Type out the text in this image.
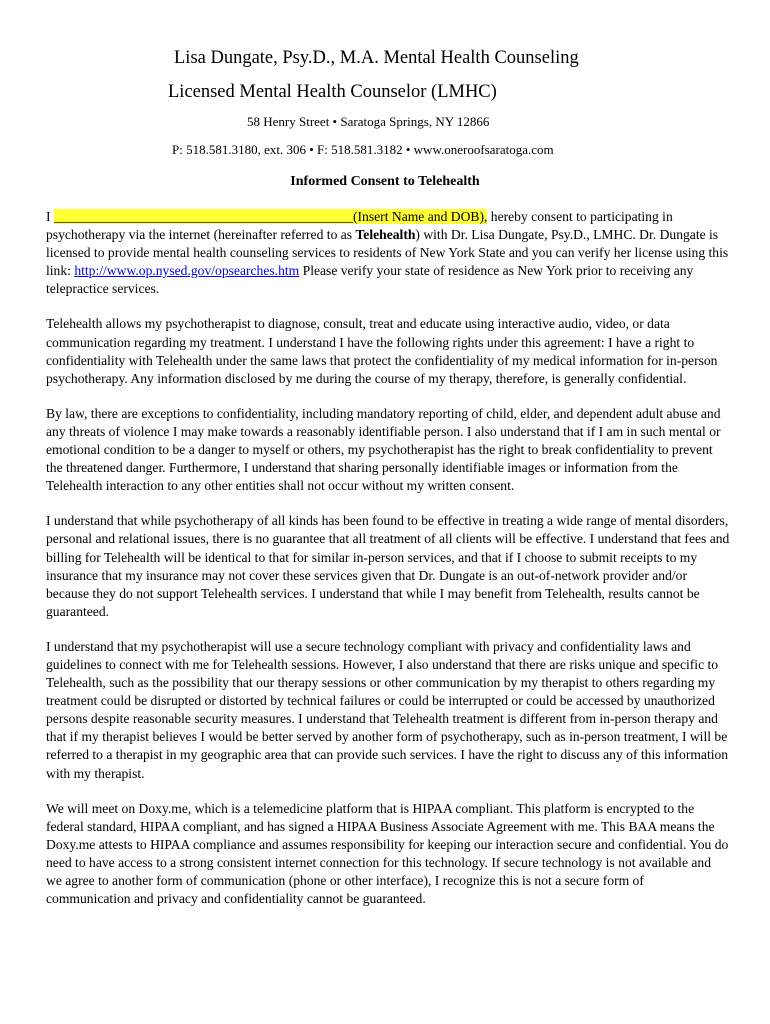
Lisa Dungate, Psy.D., M.A. Mental Health Counseling
Licensed Mental Health Counselor (LMHC)
58 Henry Street • Saratoga Springs, NY 12866
P: 518.581.3180, ext. 306 • F: 518.581.3182 • www.oneroofsaratoga.com
Informed Consent to Telehealth

I ____________________________________________(Insert Name and DOB), hereby consent to participating in psychotherapy via the internet (hereinafter referred to as Telehealth) with Dr. Lisa Dungate, Psy.D., LMHC. Dr. Dungate is licensed to provide mental health counseling services to residents of New York State and you can verify her license using this link: http://www.op.nysed.gov/opsearches.htm Please verify your state of residence as New York prior to receiving any telepractice services.

Telehealth allows my psychotherapist to diagnose, consult, treat and educate using interactive audio, video, or data communication regarding my treatment. I understand I have the following rights under this agreement: I have a right to confidentiality with Telehealth under the same laws that protect the confidentiality of my medical information for in-person psychotherapy. Any information disclosed by me during the course of my therapy, therefore, is generally confidential.

By law, there are exceptions to confidentiality, including mandatory reporting of child, elder, and dependent adult abuse and any threats of violence I may make towards a reasonably identifiable person. I also understand that if I am in such mental or emotional condition to be a danger to myself or others, my psychotherapist has the right to break confidentiality to prevent the threatened danger. Furthermore, I understand that sharing personally identifiable images or information from the Telehealth interaction to any other entities shall not occur without my written consent.

I understand that while psychotherapy of all kinds has been found to be effective in treating a wide range of mental disorders, personal and relational issues, there is no guarantee that all treatment of all clients will be effective. I understand that fees and billing for Telehealth will be identical to that for similar in-person services, and that if I choose to submit receipts to my insurance that my insurance may not cover these services given that Dr. Dungate is an out-of-network provider and/or because they do not support Telehealth services. I understand that while I may benefit from Telehealth, results cannot be guaranteed.

I understand that my psychotherapist will use a secure technology compliant with privacy and confidentiality laws and guidelines to connect with me for Telehealth sessions. However, I also understand that there are risks unique and specific to Telehealth, such as the possibility that our therapy sessions or other communication by my therapist to others regarding my treatment could be disrupted or distorted by technical failures or could be interrupted or could be accessed by unauthorized persons despite reasonable security measures. I understand that Telehealth treatment is different from in-person therapy and that if my therapist believes I would be better served by another form of psychotherapy, such as in-person treatment, I will be referred to a therapist in my geographic area that can provide such services. I have the right to discuss any of this information with my therapist.

We will meet on Doxy.me, which is a telemedicine platform that is HIPAA compliant. This platform is encrypted to the federal standard, HIPAA compliant, and has signed a HIPAA Business Associate Agreement with me. This BAA means the Doxy.me attests to HIPAA compliance and assumes responsibility for keeping our interaction secure and confidential. You do need to have access to a strong consistent internet connection for this technology. If secure technology is not available and we agree to another form of communication (phone or other interface), I recognize this is not a secure form of communication and privacy and confidentiality cannot be guaranteed.
